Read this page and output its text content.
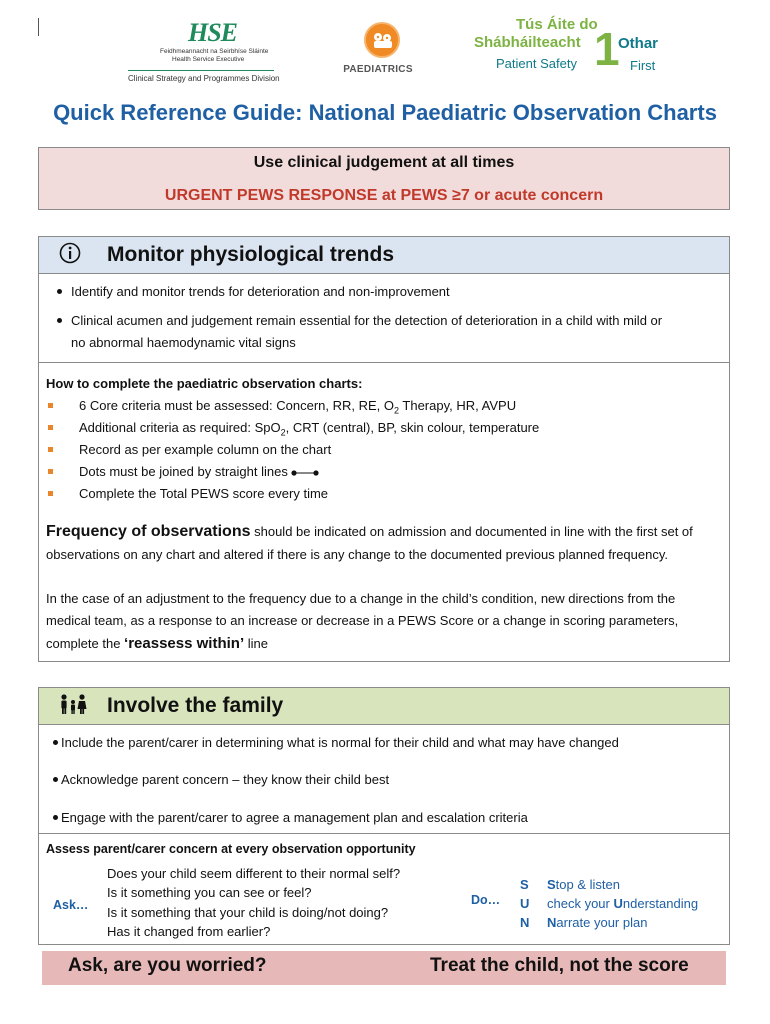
HSE
Feidhmeannacht na Seirbhíse Sláinte
Health Service Executive
Clinical Strategy and Programmes Division
PAEDIATRICS
Tús Áite do
Shábháilteacht 1
Othar
Patient Safety	First
Quick Reference Guide: National Paediatric Observation Charts
Use clinical judgement at all times
URGENT PEWS RESPONSE at PEWS ≥7 or acute concern
Monitor physiological trends
Identify and monitor trends for deterioration and non-improvement
Clinical acumen and judgement remain essential for the detection of deterioration in a child with mild or
no abnormal haemodynamic vital signs
How to complete the paediatric observation charts:
6 Core criteria must be assessed: Concern, RR, RE, $O_2$ Therapy, HR, AVPU
Additional criteria as required: SpO$_2$, CRT (central), BP, skin colour, temperature
Record as per example column on the chart
Dots must be joined by straight lines
Complete the Total PEWS score every time
Frequency of observations should be indicated on admission and documented in line with the first set of
observations on any chart and altered if there is any change to the documented previous planned frequency.
In the case of an adjustment to the frequency due to a change in the child’s condition, new directions from the
medical team, as a response to an increase or decrease in a PEWS Score or a change in scoring parameters,
complete the ‘reassess within’ line
Involve the family
Include the parent/carer in determining what is normal for their child and what may have changed
Acknowledge parent concern – they know their child best
Engage with the parent/carer to agree a management plan and escalation criteria
Assess parent/carer concern at every observation opportunity
Ask…
Does your child seem different to their normal self?
Is it something you can see or feel?
Is it something that your child is doing/not doing?
Has it changed from earlier?
Do…
S
U
N
Stop & listen
check your Understanding
Narrate your plan
Ask, are you worried?	Treat the child, not the score
